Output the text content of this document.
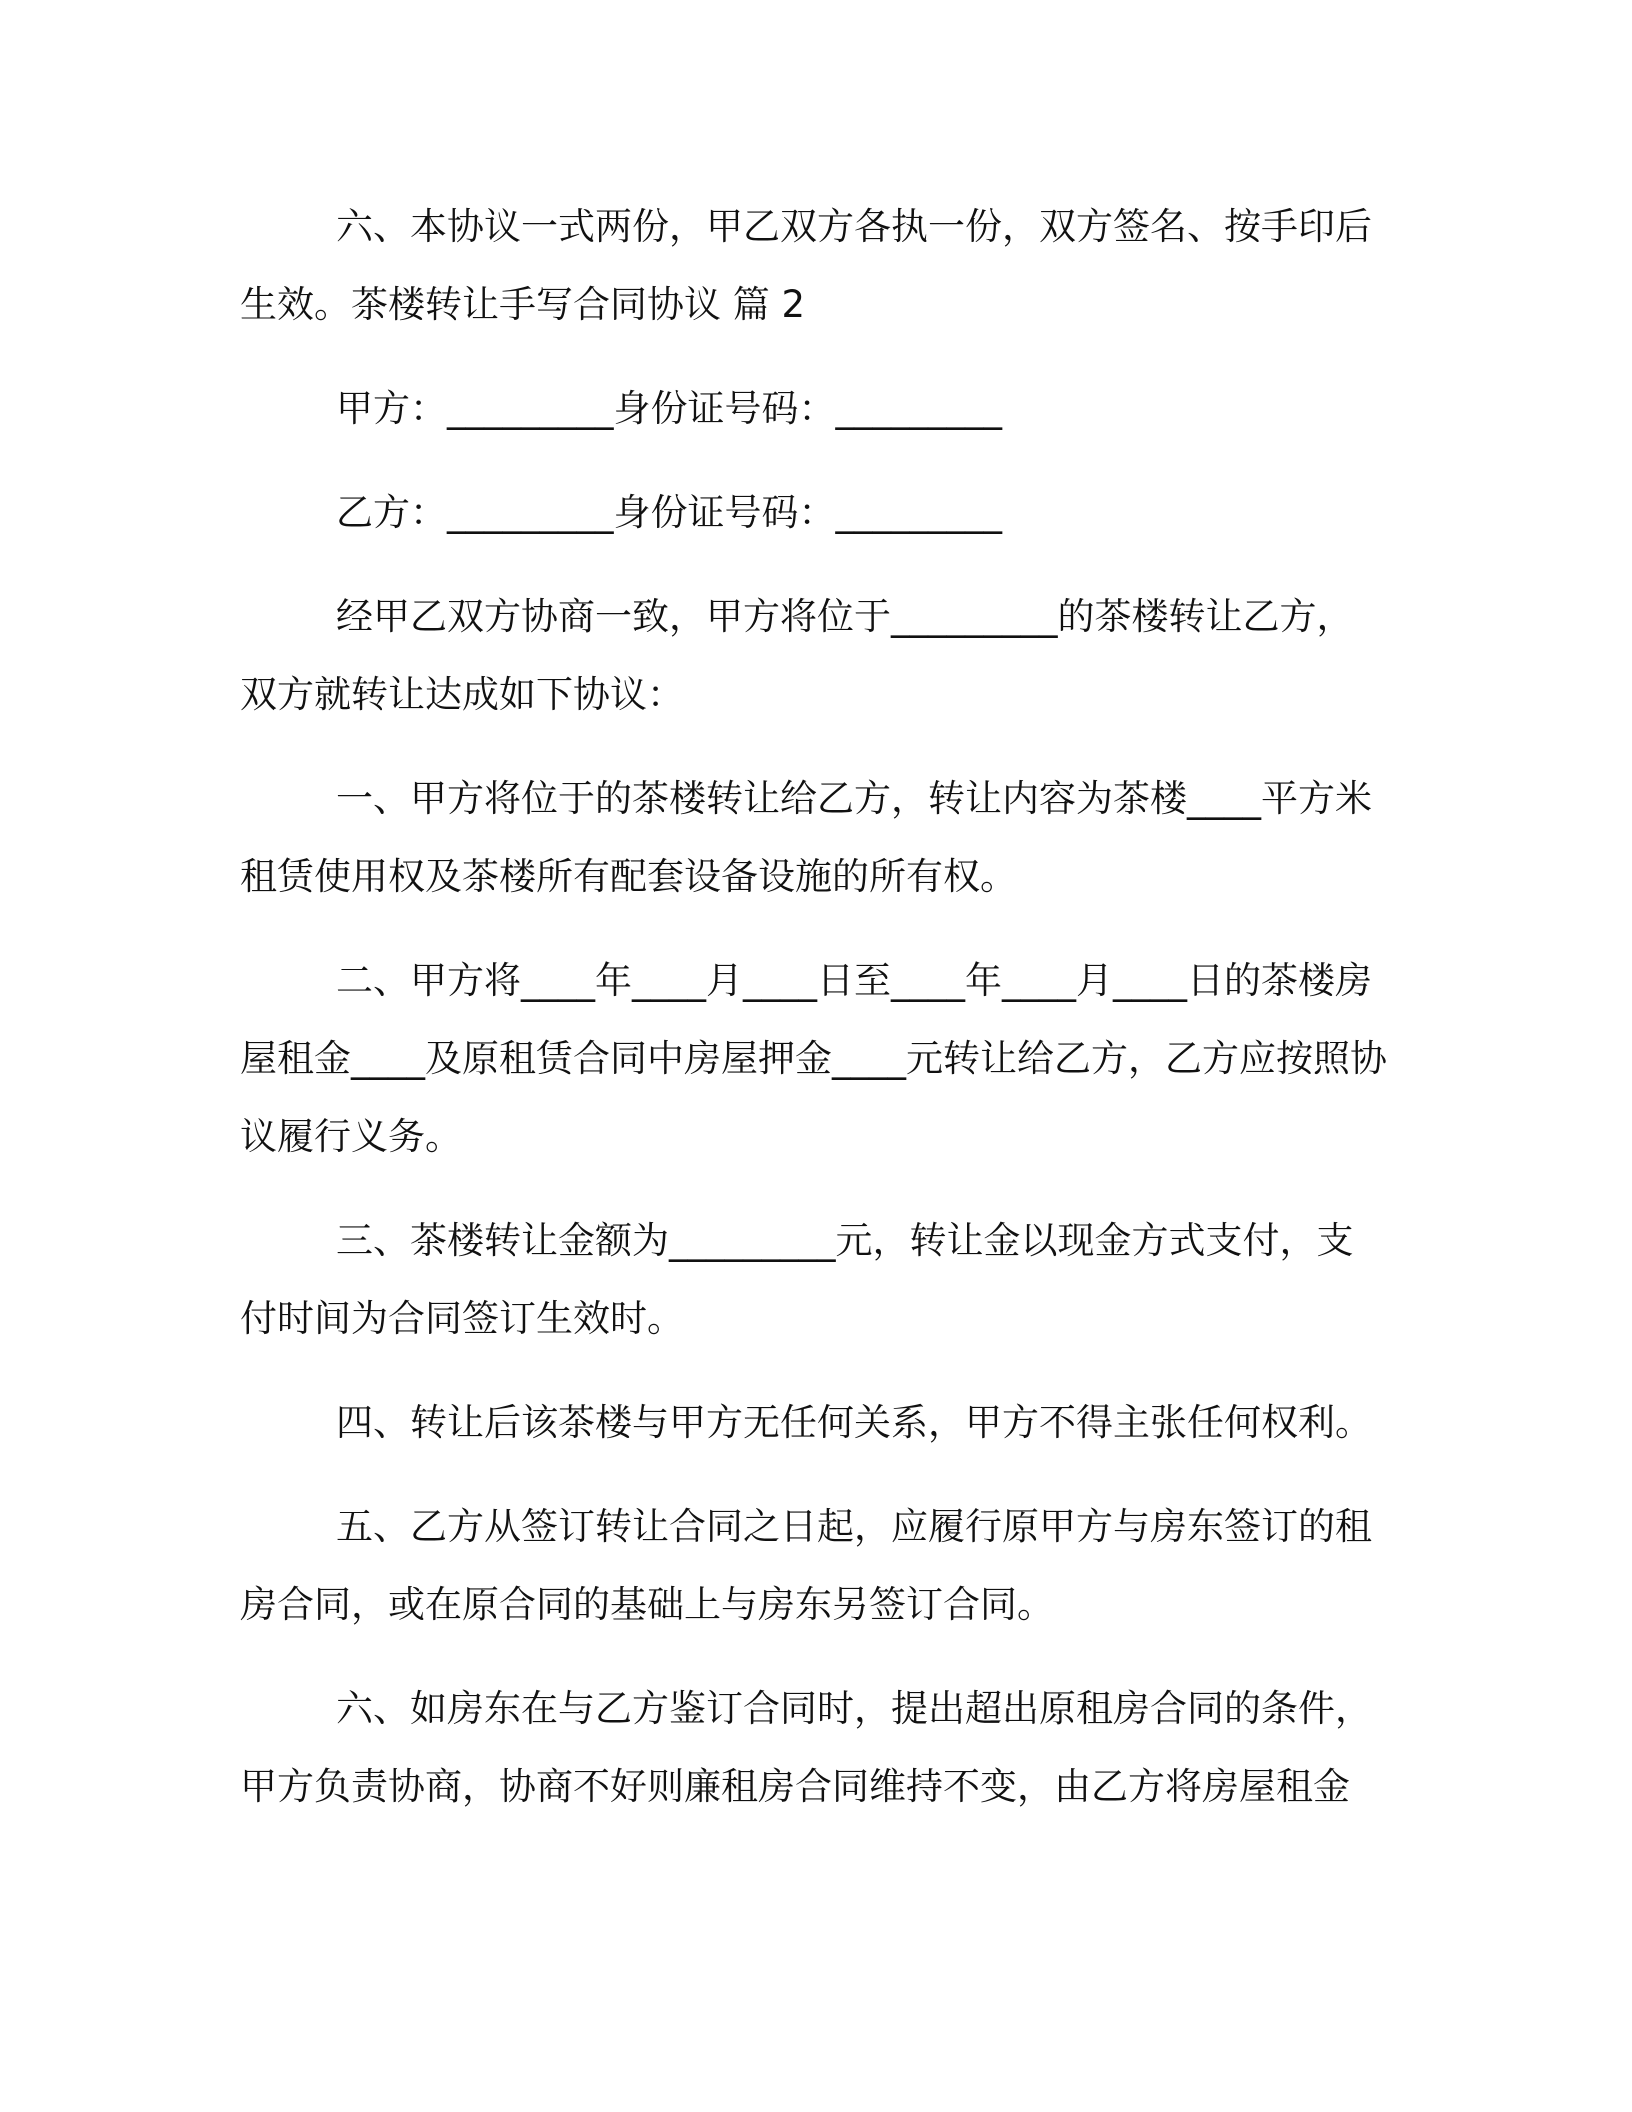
六、本协议一式两份，甲乙双方各执一份，双方签名、按手印后生效。茶楼转让手写合同协议 篇 2

甲方：_________身份证号码：_________

乙方：_________身份证号码：_________

经甲乙双方协商一致，甲方将位于_________的茶楼转让乙方，双方就转让达成如下协议：

一、甲方将位于的茶楼转让给乙方，转让内容为茶楼____平方米租赁使用权及茶楼所有配套设备设施的所有权。

二、甲方将____年____月____日至____年____月____日的茶楼房屋租金____及原租赁合同中房屋押金____元转让给乙方，乙方应按照协议履行义务。

三、茶楼转让金额为_________元，转让金以现金方式支付，支付时间为合同签订生效时。

四、转让后该茶楼与甲方无任何关系，甲方不得主张任何权利。

五、乙方从签订转让合同之日起，应履行原甲方与房东签订的租房合同，或在原合同的基础上与房东另签订合同。

六、如房东在与乙方鉴订合同时，提出超出原租房合同的条件，甲方负责协商，协商不好则廉租房合同维持不变，由乙方将房屋租金
